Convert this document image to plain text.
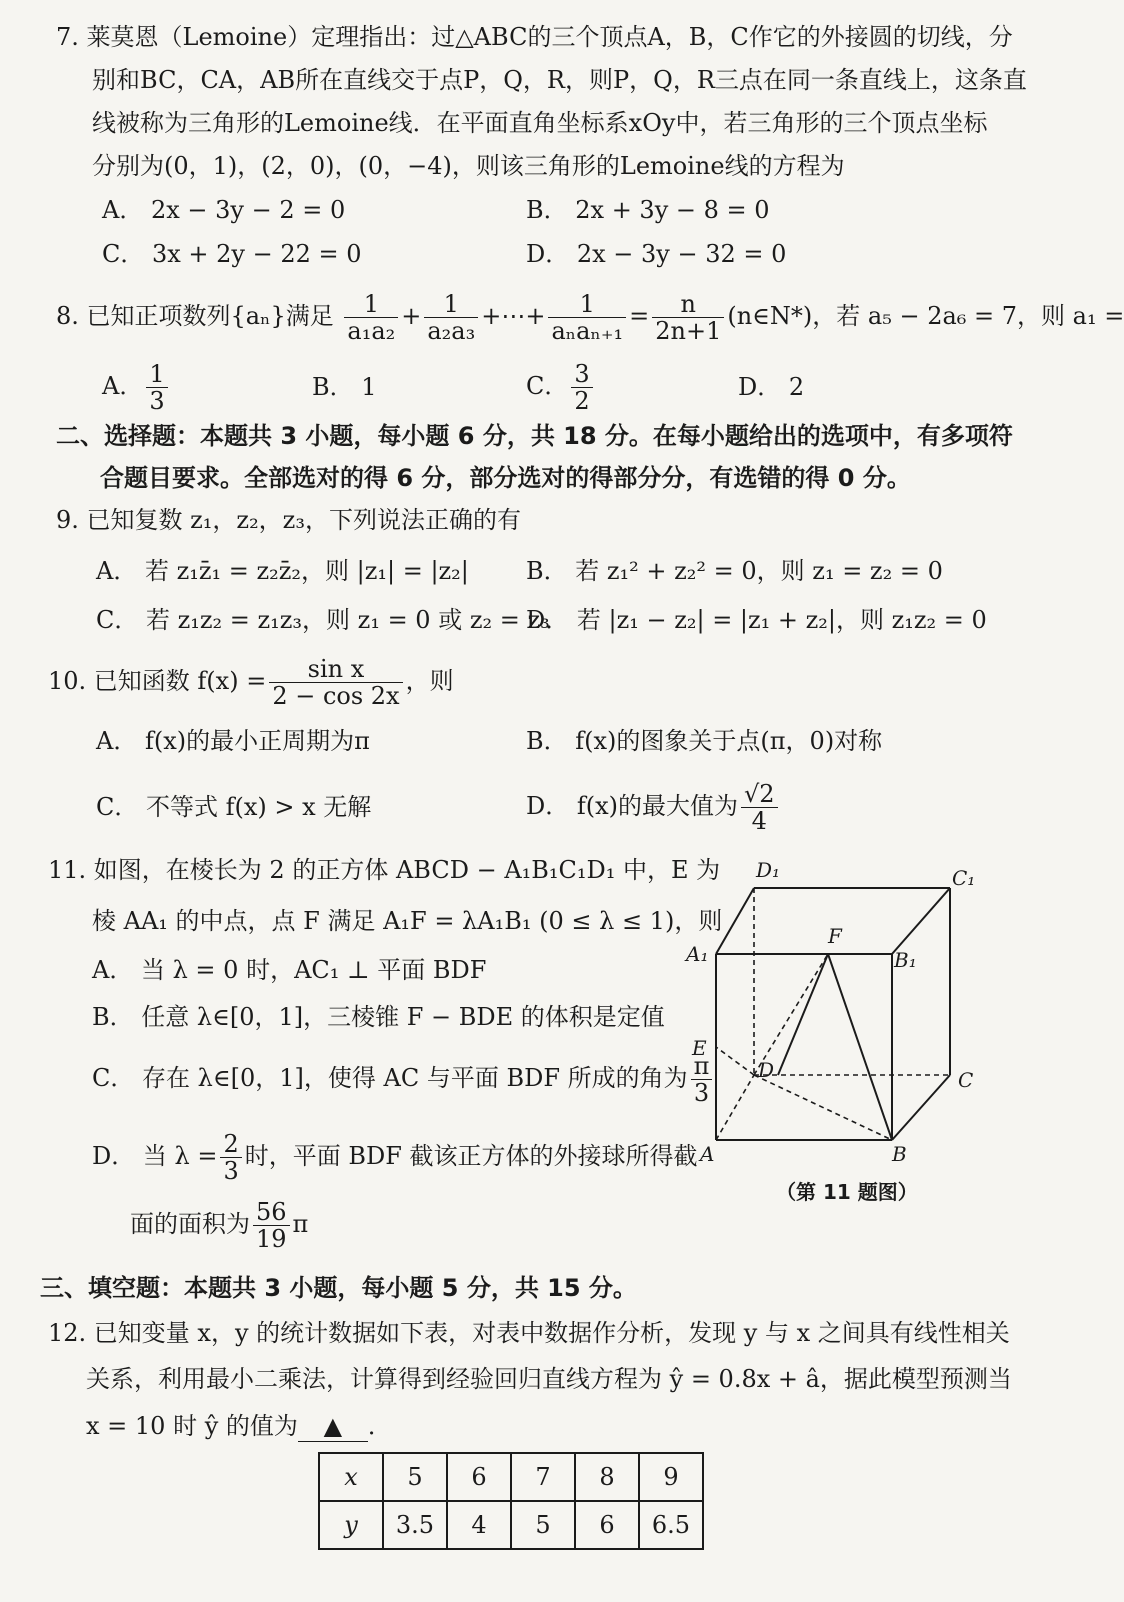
7. 莱莫恩（Lemoine）定理指出：过△ABC的三个顶点A，B，C作它的外接圆的切线，分
别和BC，CA，AB所在直线交于点P，Q，R，则P，Q，R三点在同一条直线上，这条直
线被称为三角形的Lemoine线．在平面直角坐标系xOy中，若三角形的三个顶点坐标
分别为(0，1)，(2，0)，(0，−4)，则该三角形的Lemoine线的方程为
A． 2x − 3y − 2 = 0	B． 2x + 3y − 8 = 0
C． 3x + 2y − 22 = 0	D． 2x − 3y − 32 = 0
8. 已知正项数列{aₙ}满足 $\frac{1}{\text{a₁a₂}} + \frac{1}{\text{a₂a₃}}$ +⋯+ $\frac{1}{\text{aₙaₙ₊₁}} = \frac{n}{2n+1}$ (n∈N*)，若 a₅ − 2a₆ = 7，则 a₁ =
A． $\frac{1}{3}$	B． 1	C． $\frac{3}{2}$	D． 2
二、选择题：本题共 3 小题，每小题 6 分，共 18 分。在每小题给出的选项中，有多项符
合题目要求。全部选对的得 6 分，部分选对的得部分分，有选错的得 0 分。
9. 已知复数 z₁，z₂，z₃，下列说法正确的有
A． 若 z₁z̄₁ = z₂z̄₂，则 |z₁| = |z₂| B． 若 z₁² + z₂² = 0，则 z₁ = z₂ = 0
C． 若 z₁z₂ = z₁z₃，则 z₁ = 0 或 z₂ = z₃
D． 若 |z₁ − z₂| = |z₁ + z₂|，则 z₁z₂ = 0
10. 已知函数 $f(x) = \frac{\text{sin x}}{2 - \cos 2x}$ ，则
A． f(x)的最小正周期为π	B． f(x)的图象关于点(π，0)对称
C． 不等式 f(x) > x 无解	D． f(x)的最大值为 $\frac{√2}{4}$
11. 如图，在棱长为 2 的正方体 ABCD − A₁B₁C₁D₁ 中，E 为
棱 AA₁ 的中点，点 F 满足 A₁F = λA₁B₁ (0 ≤ λ ≤ 1)，则
A． 当 λ = 0 时，AC₁ ⊥ 平面 BDF
B． 任意 λ∈[0，1]，三棱锥 F − BDE 的体积是定值
C． 存在 λ∈[0，1]，使得 AC 与平面 BDF 所成的角为 $\frac{\pi}{3}$
D． 当 $\lambda = \frac{2}{3}$ 时，平面 BDF 截该正方体的外接球所得截
面的面积为 $\frac{56}{19}$ π
D₁	C₁
A₁	B₁
F
E
D	C
A	B
（第 11 题图）
三、填空题：本题共 3 小题，每小题 5 分，共 15 分。
12. 已知变量 x，y 的统计数据如下表，对表中数据作分析，发现 y 与 x 之间具有线性相关
关系，利用最小二乘法，计算得到经验回归直线方程为 ŷ = 0.8x + â，据此模型预测当
x = 10 时 ŷ 的值为 ▲ ．
x	5	6	7	8	9
y	3.5	4	5	6	6.5
